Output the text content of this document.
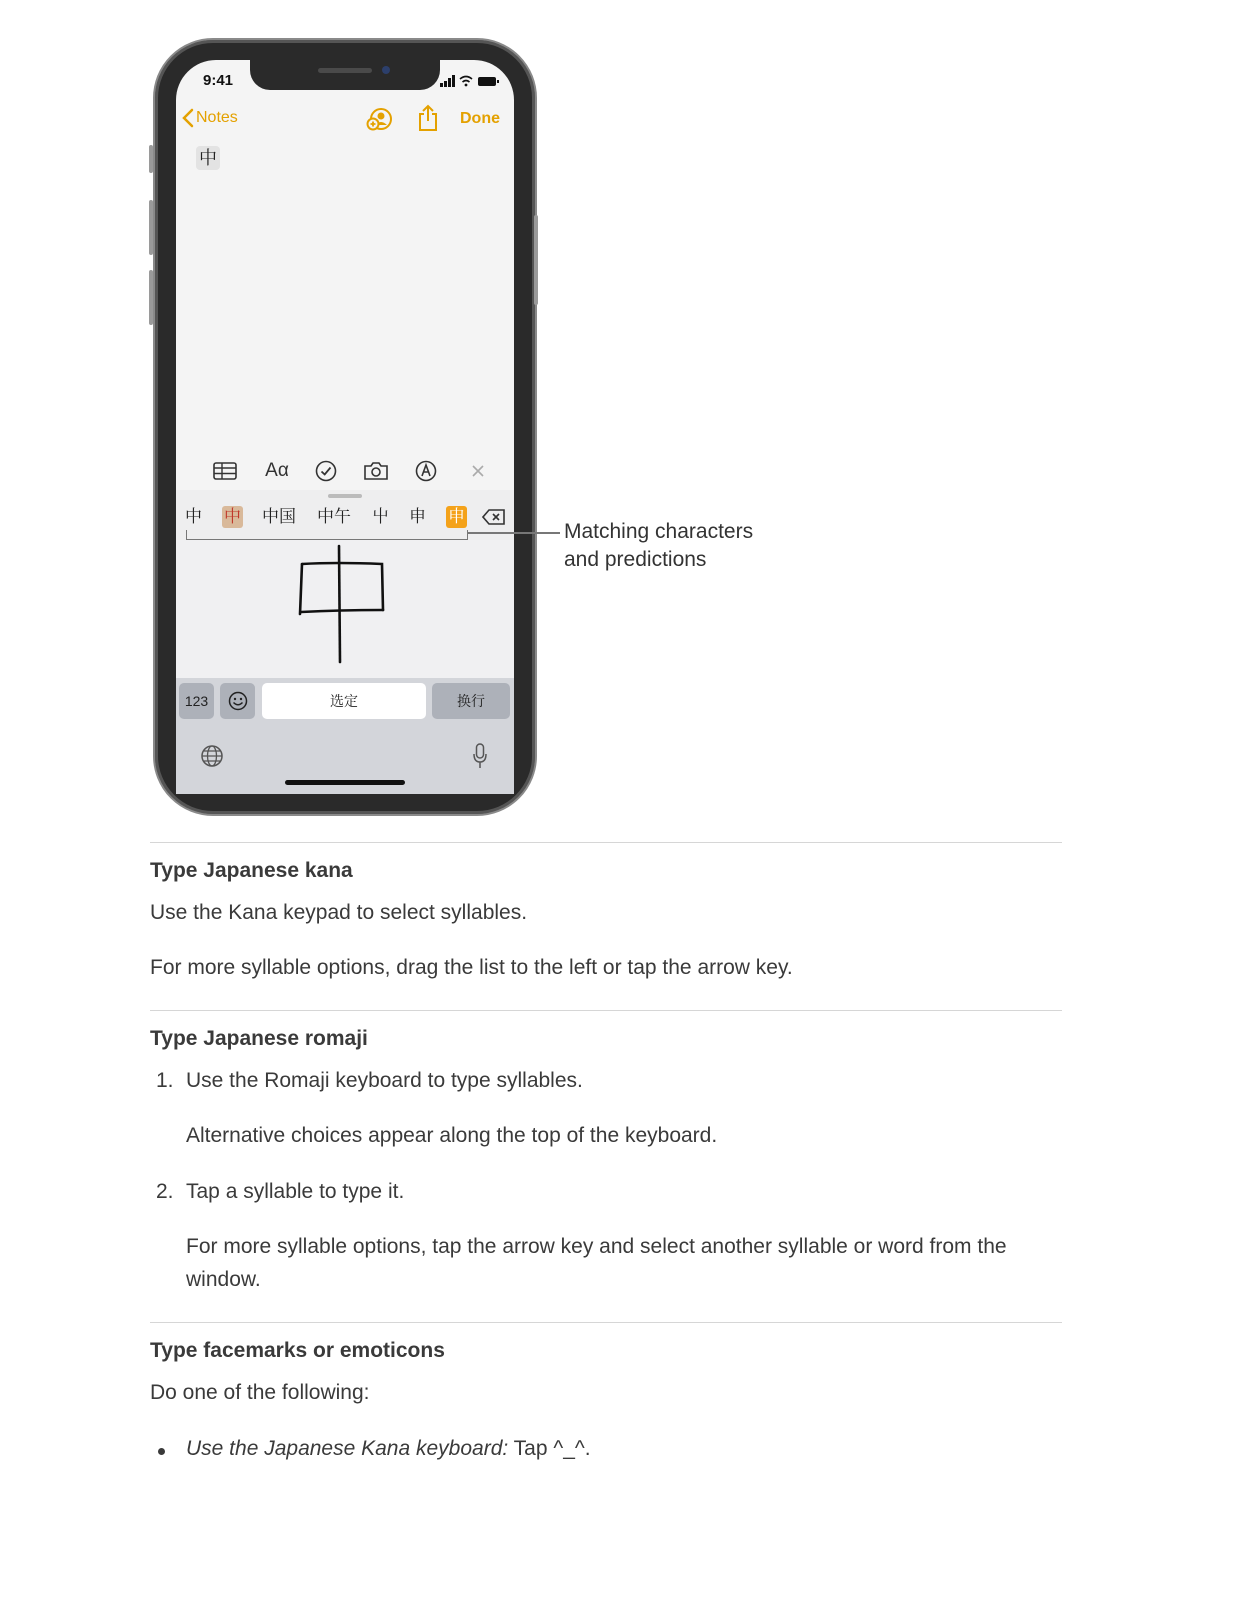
9:41
Notes	Done
中
Aα
中 中 中国 中午 屮 申 申
Matching characters
and predictions
123	选定	换行
Type Japanese kana
Use the Kana keypad to select syllables.
For more syllable options, drag the list to the left or tap the arrow key.
Type Japanese romaji
1. Use the Romaji keyboard to type syllables.
Alternative choices appear along the top of the keyboard.
2. Tap a syllable to type it.
For more syllable options, tap the arrow key and select another syllable or word from the window.
Type facemarks or emoticons
Do one of the following:
Use the Japanese Kana keyboard: Tap ^_^.
